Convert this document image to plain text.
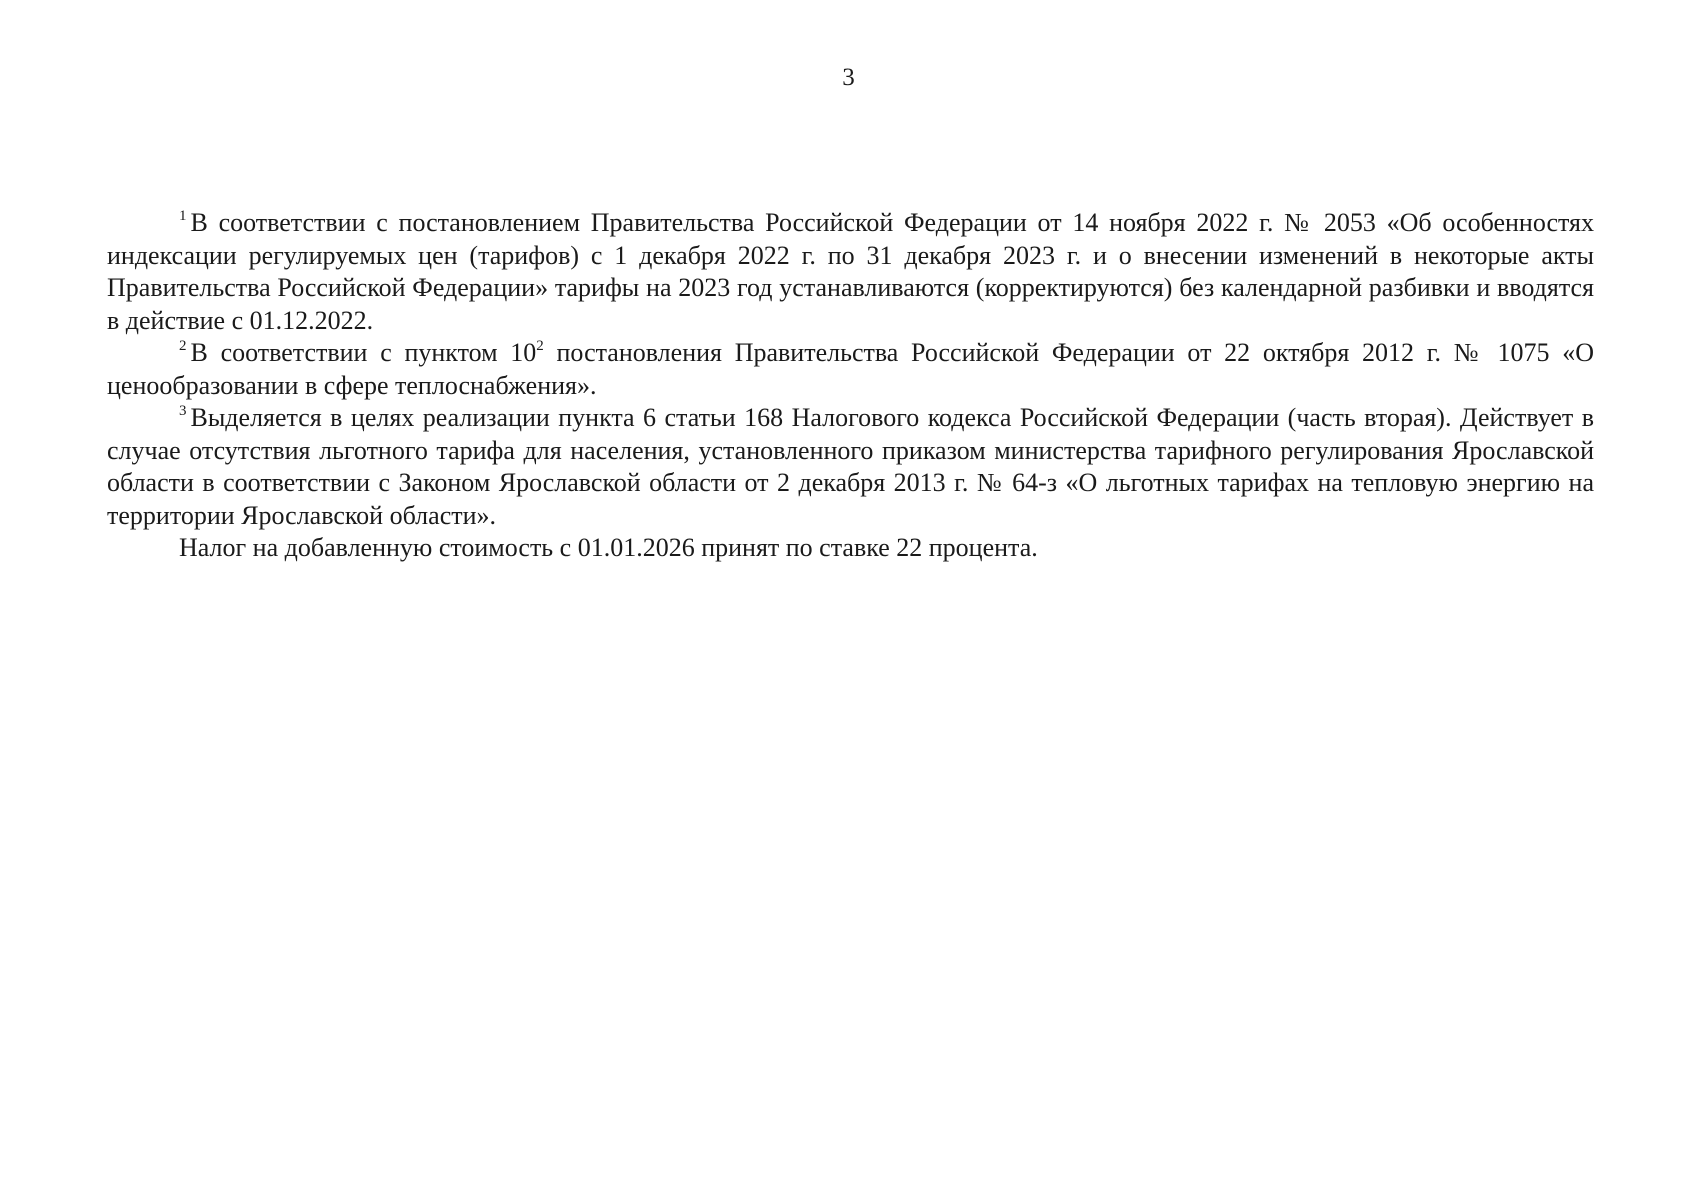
3

$^1$ В соответствии с постановлением Правительства Российской Федерации от 14 ноября 2022 г. № 2053 «Об особенностях индексации регулируемых цен (тарифов) с 1 декабря 2022 г. по 31 декабря 2023 г. и о внесении изменений в некоторые акты Правительства Российской Федерации» тарифы на 2023 год устанавливаются (корректируются) без календарной разбивки и вводятся в действие с 01.12.2022.

$^2$ В соответствии с пунктом $10^2$ постановления Правительства Российской Федерации от 22 октября 2012 г. № 1075 «О ценообразовании в сфере теплоснабжения».

$^3$ Выделяется в целях реализации пункта 6 статьи 168 Налогового кодекса Российской Федерации (часть вторая). Действует в случае отсутствия льготного тарифа для населения, установленного приказом министерства тарифного регулирования Ярославской области в соответствии с Законом Ярославской области от 2 декабря 2013 г. № 64-з «О льготных тарифах на тепловую энергию на территории Ярославской области».

Налог на добавленную стоимость с 01.01.2026 принят по ставке 22 процента.
